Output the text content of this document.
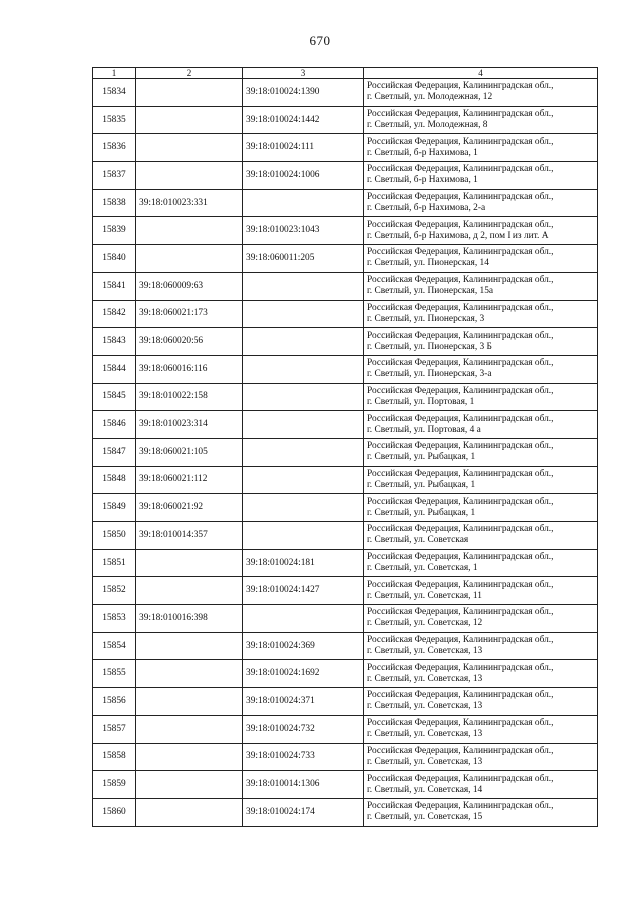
670
1	2	3	4
15834		39:18:010024:1390	Российская Федерация, Калининградская обл.,
г. Светлый, ул. Молодежная, 12

15835		39:18:010024:1442	Российская Федерация, Калининградская обл.,
г. Светлый, ул. Молодежная, 8

15836		39:18:010024:111	Российская Федерация, Калининградская обл.,
г. Светлый, б-р Нахимова, 1

15837		39:18:010024:1006	Российская Федерация, Калининградская обл.,
г. Светлый, б-р Нахимова, 1

15838	39:18:010023:331		Российская Федерация, Калининградская обл.,
г. Светлый, б-р Нахимова, 2-а

15839		39:18:010023:1043	Российская Федерация, Калининградская обл.,
г. Светлый, б-р Нахимова, д 2, пом I из лит. А

15840		39:18:060011:205	Российская Федерация, Калининградская обл.,
г. Светлый, ул. Пионерская, 14

15841	39:18:060009:63		Российская Федерация, Калининградская обл.,
г. Светлый, ул. Пионерская, 15а

15842	39:18:060021:173		Российская Федерация, Калининградская обл.,
г. Светлый, ул. Пионерская, 3

15843	39:18:060020:56		Российская Федерация, Калининградская обл.,
г. Светлый, ул. Пионерская, 3 Б

15844	39:18:060016:116		Российская Федерация, Калининградская обл.,
г. Светлый, ул. Пионерская, 3-а

15845	39:18:010022:158		Российская Федерация, Калининградская обл.,
г. Светлый, ул. Портовая, 1

15846	39:18:010023:314		Российская Федерация, Калининградская обл.,
г. Светлый, ул. Портовая, 4 а

15847	39:18:060021:105		Российская Федерация, Калининградская обл.,
г. Светлый, ул. Рыбацкая, 1

15848	39:18:060021:112		Российская Федерация, Калининградская обл.,
г. Светлый, ул. Рыбацкая, 1

15849	39:18:060021:92		Российская Федерация, Калининградская обл.,
г. Светлый, ул. Рыбацкая, 1

15850	39:18:010014:357		Российская Федерация, Калининградская обл.,
г. Светлый, ул. Советская

15851		39:18:010024:181	Российская Федерация, Калининградская обл.,
г. Светлый, ул. Советская, 1

15852		39:18:010024:1427	Российская Федерация, Калининградская обл.,
г. Светлый, ул. Советская, 11

15853	39:18:010016:398		Российская Федерация, Калининградская обл.,
г. Светлый, ул. Советская, 12

15854		39:18:010024:369	Российская Федерация, Калининградская обл.,
г. Светлый, ул. Советская, 13

15855		39:18:010024:1692	Российская Федерация, Калининградская обл.,
г. Светлый, ул. Советская, 13

15856		39:18:010024:371	Российская Федерация, Калининградская обл.,
г. Светлый, ул. Советская, 13

15857		39:18:010024:732	Российская Федерация, Калининградская обл.,
г. Светлый, ул. Советская, 13

15858		39:18:010024:733	Российская Федерация, Калининградская обл.,
г. Светлый, ул. Советская, 13

15859		39:18:010014:1306	Российская Федерация, Калининградская обл.,
г. Светлый, ул. Советская, 14

15860		39:18:010024:174	Российская Федерация, Калининградская обл.,
г. Светлый, ул. Советская, 15
